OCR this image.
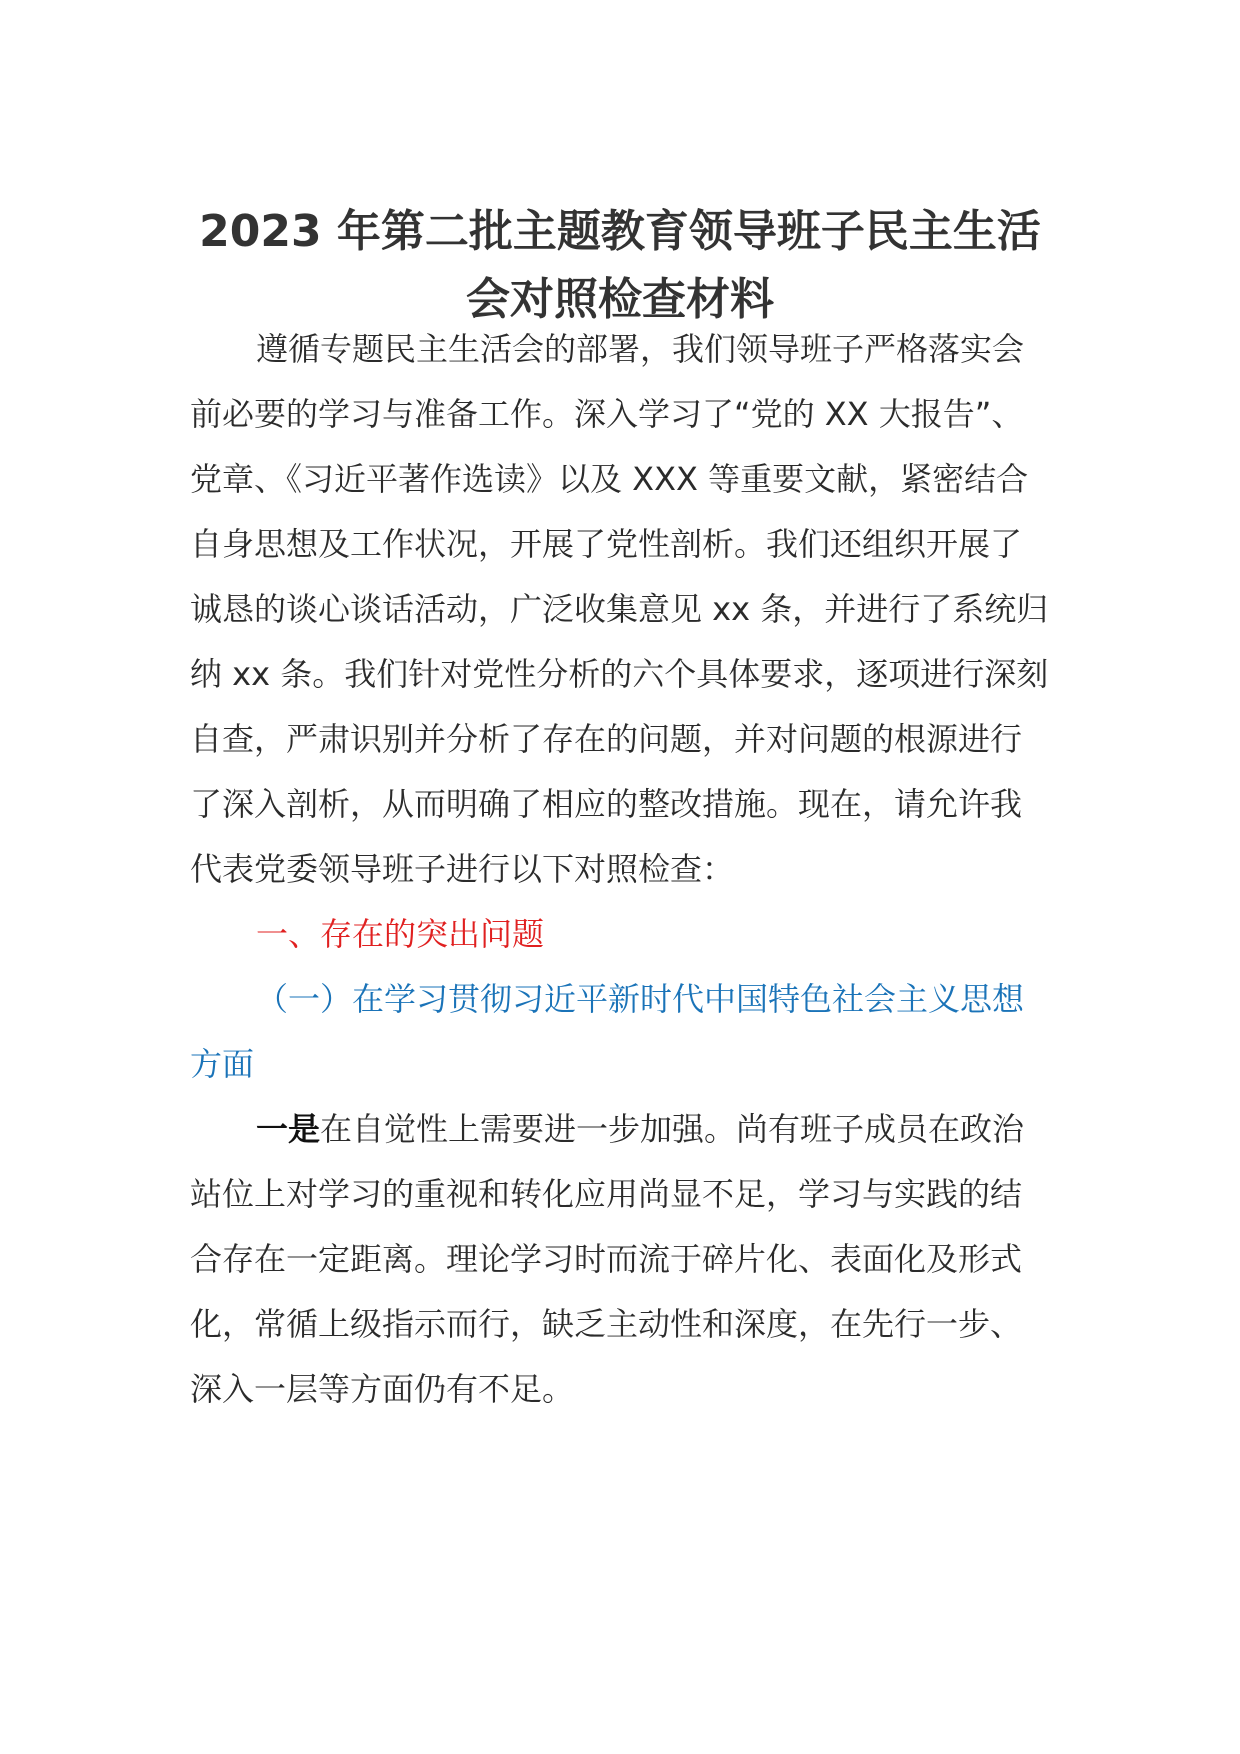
2023 年第二批主题教育领导班子民主生活
会对照检查材料
遵循专题民主生活会的部署，我们领导班子严格落实会
前必要的学习与准备工作。深入学习了“党的 XX 大报告”、
党章、《习近平著作选读》以及 XXX 等重要文献，紧密结合
自身思想及工作状况，开展了党性剖析。我们还组织开展了
诚恳的谈心谈话活动，广泛收集意见 xx 条，并进行了系统归
纳 xx 条。我们针对党性分析的六个具体要求，逐项进行深刻
自查，严肃识别并分析了存在的问题，并对问题的根源进行
了深入剖析，从而明确了相应的整改措施。现在，请允许我
代表党委领导班子进行以下对照检查：
一、存在的突出问题
（一）在学习贯彻习近平新时代中国特色社会主义思想
方面
一是在自觉性上需要进一步加强。尚有班子成员在政治
站位上对学习的重视和转化应用尚显不足，学习与实践的结
合存在一定距离。理论学习时而流于碎片化、表面化及形式
化，常循上级指示而行，缺乏主动性和深度，在先行一步、
深入一层等方面仍有不足。
